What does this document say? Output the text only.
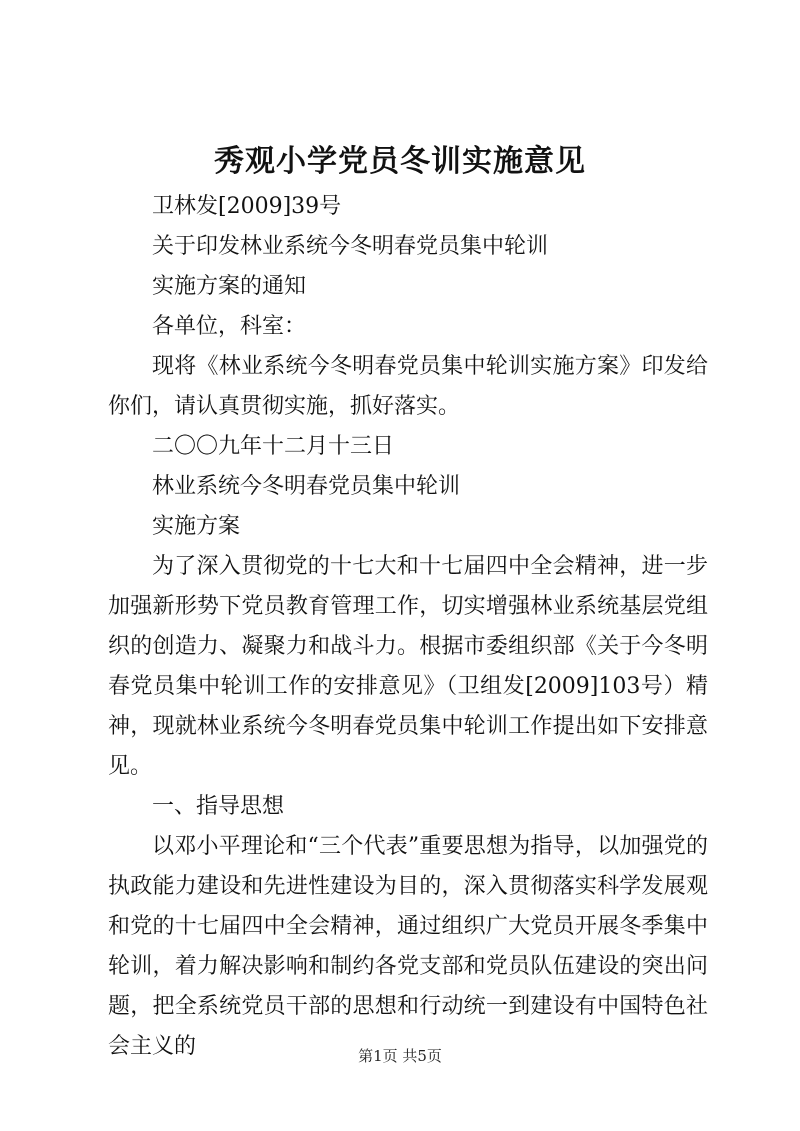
秀观小学党员冬训实施意见

卫林发[2009]39号

关于印发林业系统今冬明春党员集中轮训

实施方案的通知

各单位，科室：

现将《林业系统今冬明春党员集中轮训实施方案》印发给你们，请认真贯彻实施，抓好落实。

二〇〇九年十二月十三日

林业系统今冬明春党员集中轮训

实施方案

为了深入贯彻党的十七大和十七届四中全会精神，进一步加强新形势下党员教育管理工作，切实增强林业系统基层党组织的创造力、凝聚力和战斗力。根据市委组织部《关于今冬明春党员集中轮训工作的安排意见》（卫组发[2009]103号）精神，现就林业系统今冬明春党员集中轮训工作提出如下安排意见。

一、指导思想

以邓小平理论和“三个代表”重要思想为指导，以加强党的执政能力建设和先进性建设为目的，深入贯彻落实科学发展观和党的十七届四中全会精神，通过组织广大党员开展冬季集中轮训，着力解决影响和制约各党支部和党员队伍建设的突出问题，把全系统党员干部的思想和行动统一到建设有中国特色社会主义的	第1页 共5页
